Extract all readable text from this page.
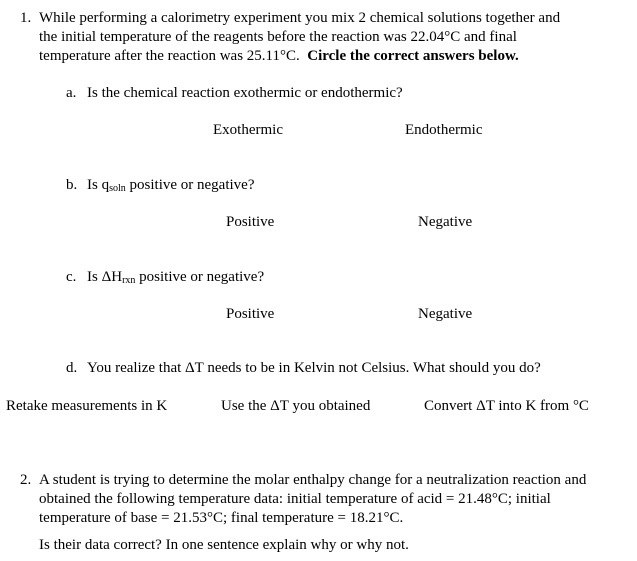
1. While performing a calorimetry experiment you mix 2 chemical solutions together and
the initial temperature of the reagents before the reaction was 22.04°C and final
temperature after the reaction was 25.11°C. Circle the correct answers below.
a. Is the chemical reaction exothermic or endothermic?
Exothermic	Endothermic
b. Is $q_{soln}$ positive or negative?
Positive	Negative
c. Is $\Delta H_{rxn}$ positive or negative?
Positive	Negative
d. You realize that ΔT needs to be in Kelvin not Celsius. What should you do?
Retake measurements in K	Use the ΔT you obtained	Convert ΔT into K from °C
2. A student is trying to determine the molar enthalpy change for a neutralization reaction and
obtained the following temperature data: initial temperature of acid = 21.48°C; initial
temperature of base = 21.53°C; final temperature = 18.21°C.
Is their data correct? In one sentence explain why or why not.
